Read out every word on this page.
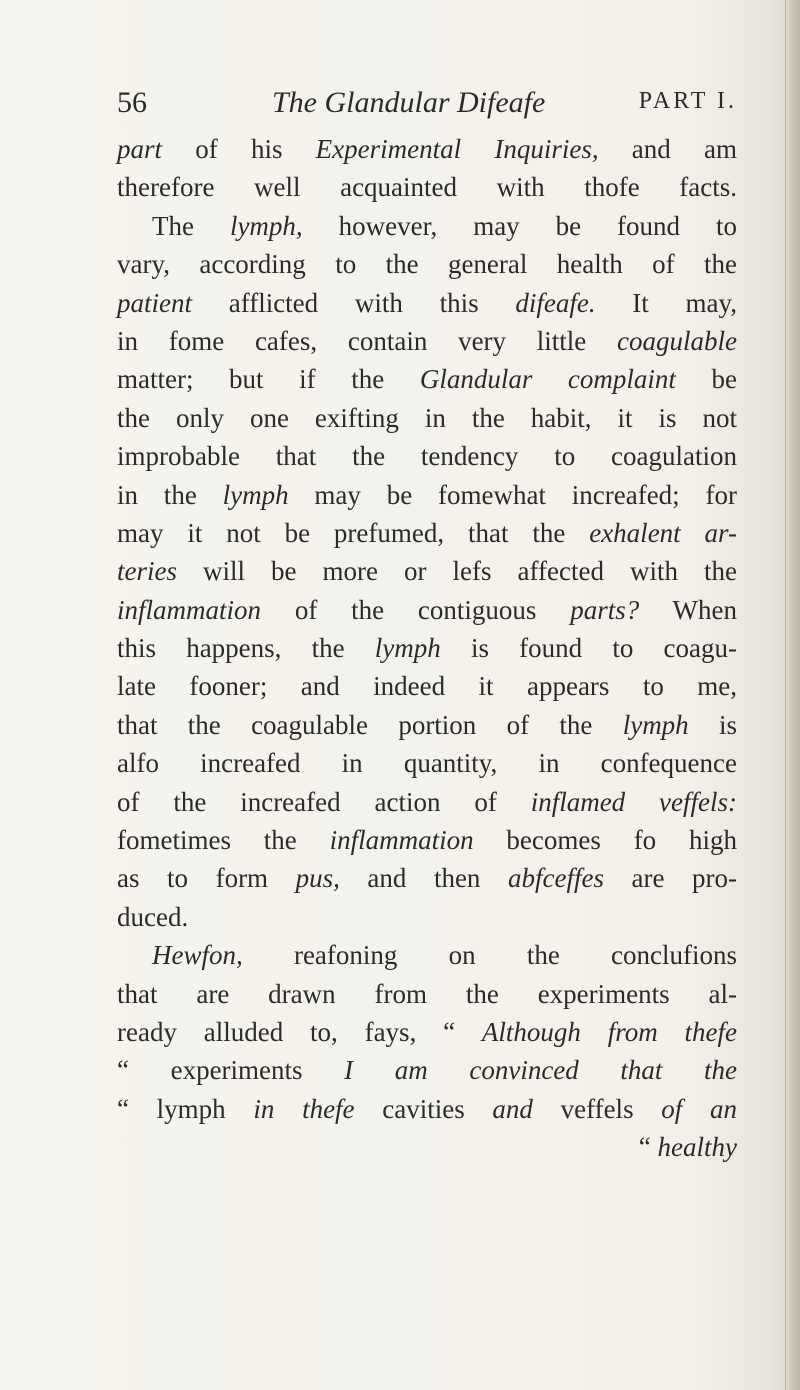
56	The Glandular Difeafe	PART I.
part of his Experimental Inquiries, and am
therefore well acquainted with thofe facts.
The lymph, however, may be found to
vary, according to the general health of the
patient afflicted with this difeafe. It may,
in fome cafes, contain very little coagulable
matter; but if the Glandular complaint be
the only one exifting in the habit, it is not
improbable that the tendency to coagulation
in the lymph may be fomewhat increafed; for
may it not be prefumed, that the exhalent ar-
teries will be more or lefs affected with the
inflammation of the contiguous parts? When
this happens, the lymph is found to coagu-
late fooner; and indeed it appears to me,
that the coagulable portion of the lymph is
alfo increafed in quantity, in confequence
of the increafed action of inflamed veffels:
fometimes the inflammation becomes fo high
as to form pus, and then abfceffes are pro-
duced.
Hewfon, reafoning on the conclufions
that are drawn from the experiments al-
ready alluded to, fays, “ Although from thefe
“ experiments I am convinced that the
“ lymph in thefe cavities and veffels of an
“ healthy
